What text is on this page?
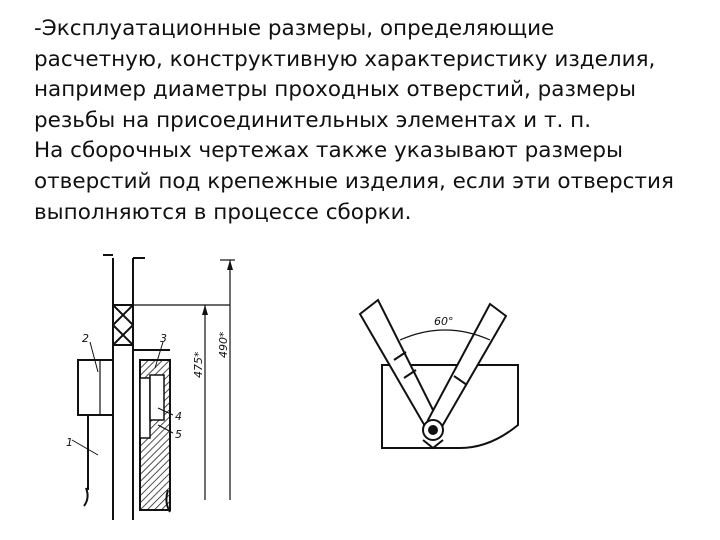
-Эксплуатационные размеры, определяющие
расчетную, конструктивную характеристику изделия,
например диаметры проходных отверстий, размеры
резьбы на присоединительных элементах и т. п.
На сборочных чертежах также указывают размеры
отверстий под крепежные изделия, если эти отверстия
выполняются в процессе сборки.
2	3
4
5
1
475*
490*
60°
